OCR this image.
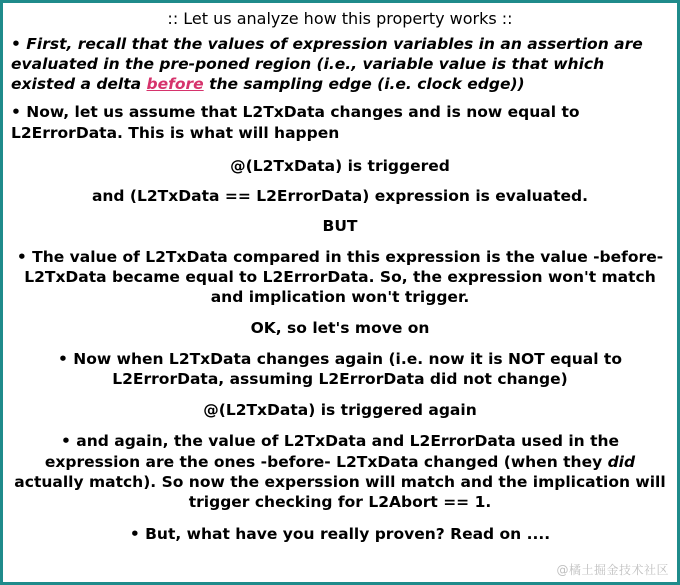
:: Let us analyze how this property works ::
• First, recall that the values of expression variables in an assertion are evaluated in the pre-poned region (i.e., variable value is that which existed a delta before the sampling edge (i.e. clock edge))
• Now, let us assume that L2TxData changes and is now equal to L2ErrorData. This is what will happen
@(L2TxData) is triggered
and (L2TxData == L2ErrorData) expression is evaluated.
BUT
• The value of L2TxData compared in this expression is the value -before- L2TxData became equal to L2ErrorData. So, the expression won't match and implication won't trigger.
OK, so let's move on
• Now when L2TxData changes again (i.e. now it is NOT equal to L2ErrorData, assuming L2ErrorData did not change)
@(L2TxData) is triggered again
• and again, the value of L2TxData and L2ErrorData used in the expression are the ones -before- L2TxData changed (when they did actually match). So now the experssion will match and the implication will trigger checking for L2Abort == 1.
• But, what have you really proven? Read on ....
@橘土掘金技术社区
